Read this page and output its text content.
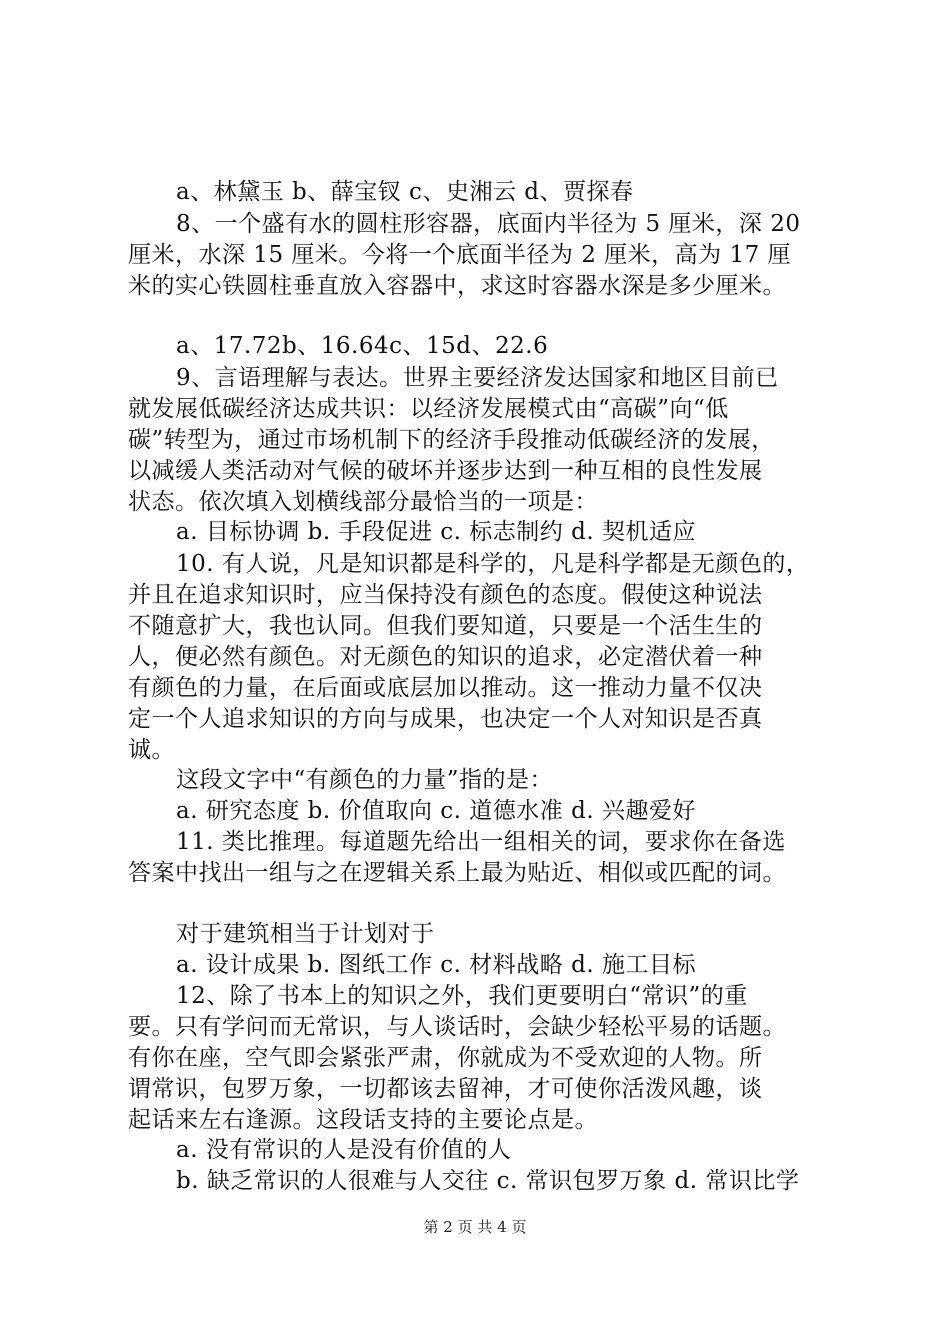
a、林黛玉 b、薛宝钗 c、史湘云 d、贾探春
8、一个盛有水的圆柱形容器，底面内半径为 5 厘米，深 20
厘米，水深 15 厘米。今将一个底面半径为 2 厘米，高为 17 厘
米的实心铁圆柱垂直放入容器中，求这时容器水深是多少厘米。
a、17.72b、16.64c、15d、22.6
9、言语理解与表达。世界主要经济发达国家和地区目前已
就发展低碳经济达成共识：以经济发展模式由“高碳”向“低
碳”转型为，通过市场机制下的经济手段推动低碳经济的发展，
以减缓人类活动对气候的破坏并逐步达到一种互相的良性发展
状态。依次填入划横线部分最恰当的一项是：
a. 目标协调 b. 手段促进 c. 标志制约 d. 契机适应
10. 有人说，凡是知识都是科学的，凡是科学都是无颜色的，
并且在追求知识时，应当保持没有颜色的态度。假使这种说法
不随意扩大，我也认同。但我们要知道，只要是一个活生生的
人，便必然有颜色。对无颜色的知识的追求，必定潜伏着一种
有颜色的力量，在后面或底层加以推动。这一推动力量不仅决
定一个人追求知识的方向与成果，也决定一个人对知识是否真
诚。
这段文字中“有颜色的力量”指的是：
a. 研究态度 b. 价值取向 c. 道德水准 d. 兴趣爱好
11. 类比推理。每道题先给出一组相关的词，要求你在备选
答案中找出一组与之在逻辑关系上最为贴近、相似或匹配的词。
对于建筑相当于计划对于
a. 设计成果 b. 图纸工作 c. 材料战略 d. 施工目标
12、除了书本上的知识之外，我们更要明白“常识”的重
要。只有学问而无常识，与人谈话时，会缺少轻松平易的话题。
有你在座，空气即会紧张严肃，你就成为不受欢迎的人物。所
谓常识，包罗万象，一切都该去留神，才可使你活泼风趣，谈
起话来左右逢源。这段话支持的主要论点是。
a. 没有常识的人是没有价值的人
b. 缺乏常识的人很难与人交往 c. 常识包罗万象 d. 常识比学
第 2 页 共 4 页
